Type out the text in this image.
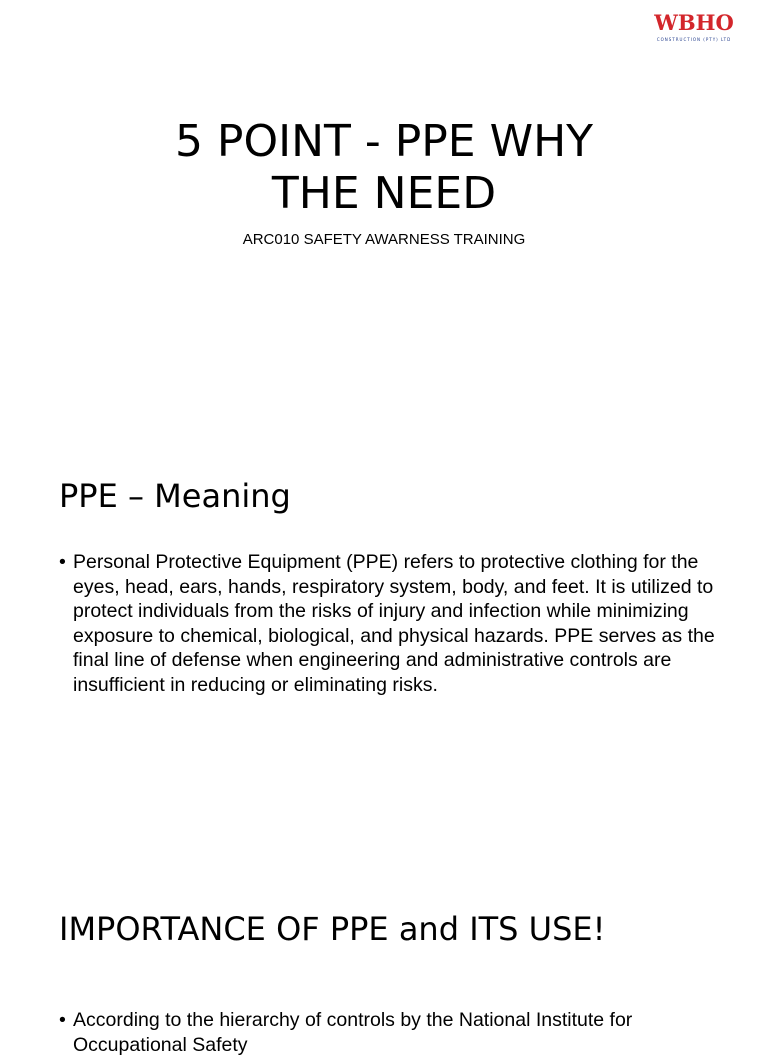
WBHO
CONSTRUCTION (PTY) LTD
5 POINT - PPE WHY
THE NEED

ARC010 SAFETY AWARNESS TRAINING

PPE – Meaning
• Personal Protective Equipment (PPE) refers to protective clothing for the eyes, head, ears, hands, respiratory system, body, and feet. It is utilized to protect individuals from the risks of injury and infection while minimizing exposure to chemical, biological, and physical hazards. PPE serves as the final line of defense when engineering and administrative controls are insufficient in reducing or eliminating risks.
IMPORTANCE OF PPE and ITS USE!
• According to the hierarchy of controls by the National Institute for Occupational Safety
